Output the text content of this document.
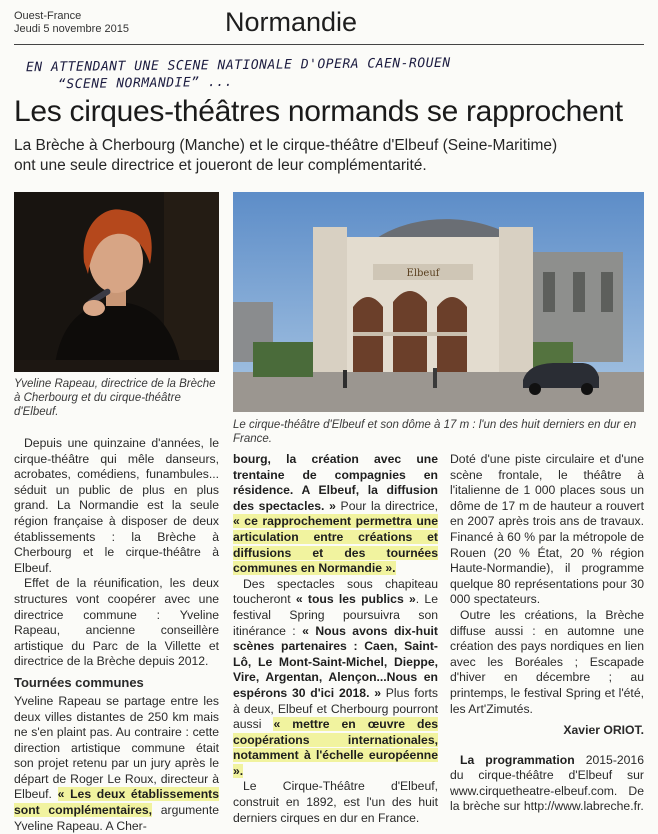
Ouest-France
Jeudi 5 novembre 2015	Normandie
EN ATTENDANT UNE SCENE NATIONALE D'OPERA CAEN-ROUEN
“SCENE NORMANDIE” ...
Les cirques-théâtres normands se rapprochent
La Brèche à Cherbourg (Manche) et le cirque-théâtre d'Elbeuf (Seine-Maritime)
ont une seule directrice et joueront de leur complémentarité.
Elbeuf
Yveline Rapeau, directrice de la Brèche à Cherbourg et du cirque-théâtre d'Elbeuf.
Le cirque-théâtre d'Elbeuf et son dôme à 17 m : l'un des huit derniers en dur en France.

Depuis une quinzaine d'années, le cirque-théâtre qui mêle danseurs, acrobates, comédiens, funambules... séduit un public de plus en plus grand. La Normandie est la seule région française à disposer de deux établissements : la Brèche à Cherbourg et le cirque-théâtre à Elbeuf.

Effet de la réunification, les deux structures vont coopérer avec une directrice commune : Yveline Rapeau, ancienne conseillère artistique du Parc de la Villette et directrice de la Brèche depuis 2012.

Tournées communes

Yveline Rapeau se partage entre les deux villes distantes de 250 km mais ne s'en plaint pas. Au contraire : cette direction artistique commune était son projet retenu par un jury après le départ de Roger Le Roux, directeur à Elbeuf. « Les deux établissements sont complémentaires, argumente Yveline Rapeau. A Cher-

bourg, la création avec une trentaine de compagnies en résidence. A Elbeuf, la diffusion des spectacles. » Pour la directrice, « ce rapprochement permettra une articulation entre créations et diffusions et des tournées communes en Normandie ».

Des spectacles sous chapiteau toucheront « tous les publics ». Le festival Spring poursuivra son itinérance : « Nous avons dix-huit scènes partenaires : Caen, Saint-Lô, Le Mont-Saint-Michel, Dieppe, Vire, Argentan, Alençon...Nous en espérons 30 d'ici 2018. » Plus forts à deux, Elbeuf et Cherbourg pourront aussi « mettre en œuvre des coopérations internationales, notamment à l'échelle européenne ».

Le Cirque-Théâtre d'Elbeuf, construit en 1892, est l'un des huit derniers cirques en dur en France.

Doté d'une piste circulaire et d'une scène frontale, le théâtre à l'italienne de 1 000 places sous un dôme de 17 m de hauteur a rouvert en 2007 après trois ans de travaux. Financé à 60 % par la métropole de Rouen (20 % État, 20 % région Haute-Normandie), il programme quelque 80 représentations pour 30 000 spectateurs.

Outre les créations, la Brèche diffuse aussi : en automne une création des pays nordiques en lien avec les Boréales ; Escapade d'hiver en décembre ; au printemps, le festival Spring et l'été, les Art'Zimutés.

Xavier ORIOT.

La programmation 2015-2016 du cirque-théâtre d'Elbeuf sur www.cirquetheatre-elbeuf.com. De la brèche sur http://www.labreche.fr.
